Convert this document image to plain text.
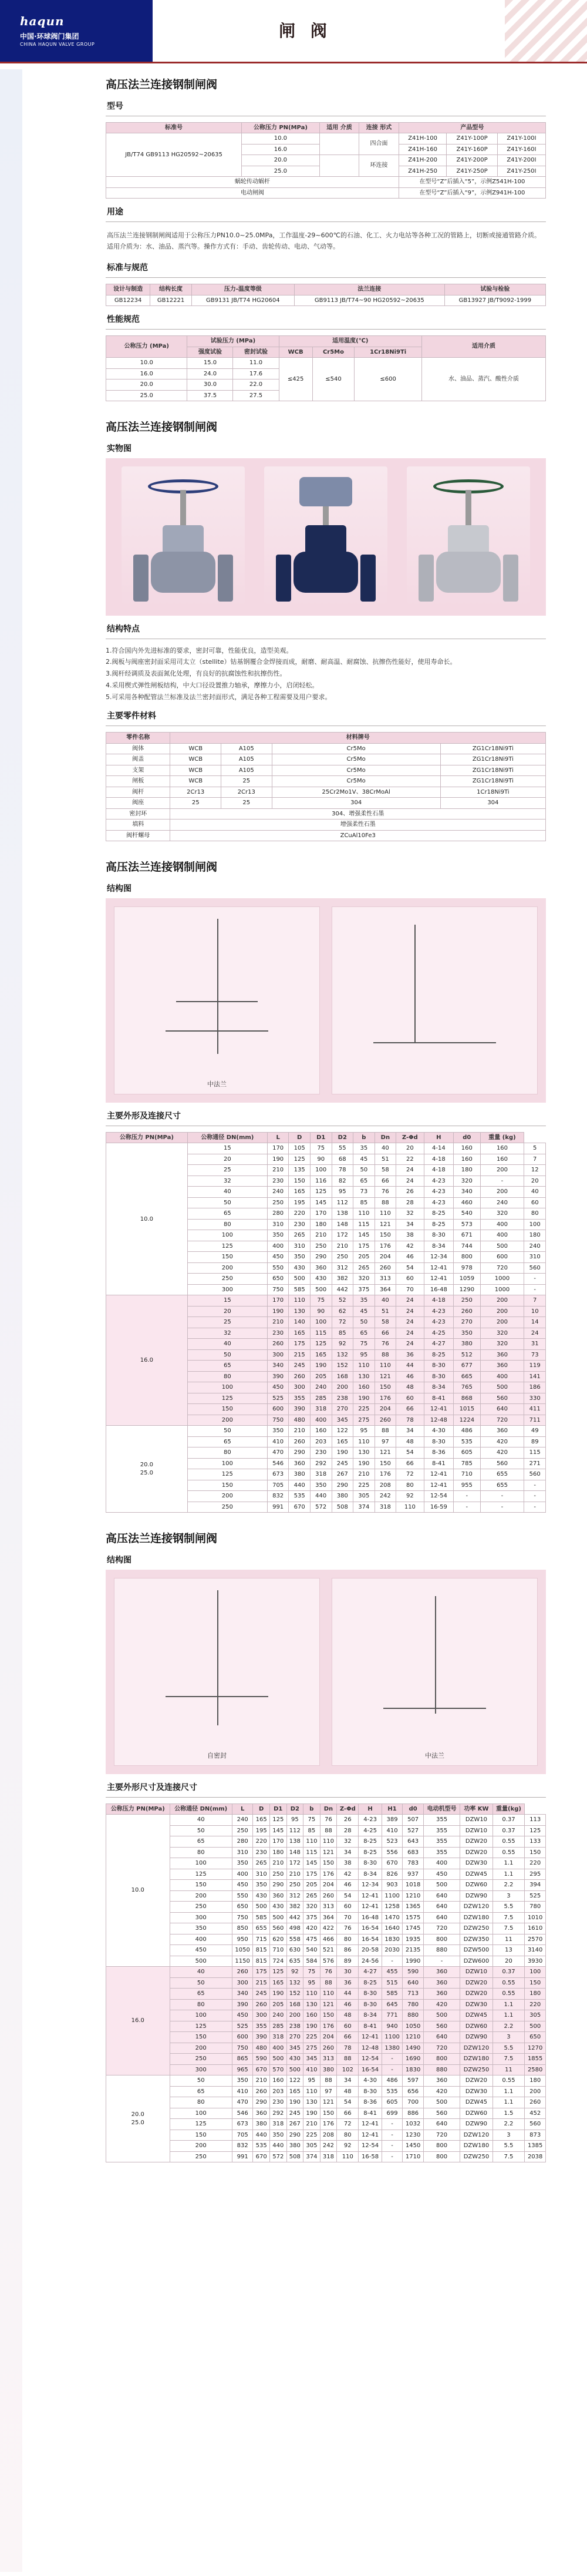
haqun
中国·环球阀门集团
CHINA HAQUN VALVE GROUP
闸 阀
高压法兰连接钢制闸阀
型号
标准号	公称压力 PN(MPa)	适用 介质	连接 形式	产品型号		
JB/T74 GB9113 HG20592~20635	10.0		四合面	Z41H-100	Z41Y-100P	Z41Y-100I
	16.0			Z41H-160	Z41Y-160P	Z41Y-160I
	20.0		环连接	Z41H-200	Z41Y-200P	Z41Y-200I
	25.0			Z41H-250	Z41Y-250P	Z41Y-250I
蜗轮传动蜗杆				在型号“Z”后插入“5”，示例Z541H-100		
电动闸阀				在型号“Z”后插入“9”，示例Z941H-100		
用途

高压法兰连接钢制闸阀适用于公称压力PN10.0~25.0MPa，工作温度-29~600℃的石油、化工、火力电站等各种工况的管路上，切断或接通管路介质。适用介质为：水、油品、蒸汽等。操作方式有：手动、齿轮传动、电动、气动等。

标准与规范
设计与制造	结构长度	压力-温度等级	法兰连接	试验与检验
GB12234	GB12221	GB9131 JB/T74 HG20604	GB9113 JB/T74~90 HG20592~20635	GB13927 JB/T9092-1999
性能规范
公称压力 (MPa)	试验压力 (MPa)		适用温度(℃)			适用介质
	强度试验	密封试验	WCB	Cr5Mo	1Cr18Ni9Ti	
10.0	15.0	11.0	≤425	≤540	≤600	水、油品、蒸汽、酸性介质
16.0	24.0	17.6				
20.0	30.0	22.0				
25.0	37.5	27.5				
高压法兰连接钢制闸阀
实物图
结构特点
1.符合国内外先进标准的要求，密封可靠，性能优良，造型美观。
2.阀板与阀座密封面采用司太立（stellite）钴基钢覆合金焊接而成，耐磨、耐高温、耐腐蚀、抗擦伤性能好，使用寿命长。
3.阀杆经调质及表面氮化处理，有良好的抗腐蚀性和抗擦伤性。
4.采用楔式弹性闸板结构，中大口径设置推力轴承，摩擦力小，启闭轻松。
5.可采用各种配管法兰标准及法兰密封面形式，满足各种工程需要及用户要求。
主要零件材料
零件名称	材料牌号			
阀体	WCB	A105	Cr5Mo	ZG1Cr18Ni9Ti
阀盖	WCB	A105	Cr5Mo	ZG1Cr18Ni9Ti
支架	WCB	A105	Cr5Mo	ZG1Cr18Ni9Ti
闸板	WCB	25	Cr5Mo	ZG1Cr18Ni9Ti
阀杆	2Cr13	2Cr13	25Cr2Mo1V、38CrMoAl	1Cr18Ni9Ti
阀座	25	25	304	304
密封环	304、增强柔性石墨			
填料	增强柔性石墨			
阀杆螺母	ZCuAl10Fe3			
高压法兰连接钢制闸阀
结构图
中法兰
主要外形及连接尺寸
公称压力 PN(MPa)	公称通径 DN(mm)	L	D	D1	D2	b	Dn	Z-Φd	H	d0	重量 (kg)	
10.0	15	170	105	75	55	35	40	20	4-14	160	160	5
	20	190	125	90	68	45	51	22	4-18	160	160	7
	25	210	135	100	78	50	58	24	4-18	180	200	12
	32	230	150	116	82	65	66	24	4-23	320	-	20
	40	240	165	125	95	73	76	26	4-23	340	200	40
	50	250	195	145	112	85	88	28	4-23	460	240	60
	65	280	220	170	138	110	110	32	8-25	540	320	80
	80	310	230	180	148	115	121	34	8-25	573	400	100
	100	350	265	210	172	145	150	38	8-30	671	400	180
	125	400	310	250	210	175	176	42	8-34	744	500	240
	150	450	350	290	250	205	204	46	12-34	800	600	310
	200	550	430	360	312	265	260	54	12-41	978	720	560
	250	650	500	430	382	320	313	60	12-41	1059	1000	-
	300	750	585	500	442	375	364	70	16-48	1290	1000	-
16.0	15	170	110	75	52	35	40	24	4-18	250	200	7
	20	190	130	90	62	45	51	24	4-23	260	200	10
	25	210	140	100	72	50	58	24	4-23	270	200	14
	32	230	165	115	85	65	66	24	4-25	350	320	24
	40	260	175	125	92	75	76	24	4-27	380	320	31
	50	300	215	165	132	95	88	36	8-25	512	360	73
	65	340	245	190	152	110	110	44	8-30	677	360	119
	80	390	260	205	168	130	121	46	8-30	665	400	141
	100	450	300	240	200	160	150	48	8-34	765	500	186
	125	525	355	285	238	190	176	60	8-41	868	560	330
	150	600	390	318	270	225	204	66	12-41	1015	640	411
	200	750	480	400	345	275	260	78	12-48	1224	720	711
20.0
25.0	50	350	210	160	122	95	88	34	4-30	486	360	49
	65	410	260	203	165	110	97	48	8-30	535	420	89
	80	470	290	230	190	130	121	54	8-36	605	420	115
	100	546	360	292	245	190	150	66	8-41	785	560	271
	125	673	380	318	267	210	176	72	12-41	710	655	560
	150	705	440	350	290	225	208	80	12-41	955	655	-
	200	832	535	440	380	305	242	92	12-54	-	-	-
	250	991	670	572	508	374	318	110	16-59	-	-	-
高压法兰连接钢制闸阀
结构图
自密封	中法兰
主要外形尺寸及连接尺寸
公称压力 PN(MPa)	公称通径 DN(mm)	L	D	D1	D2	b	Dn	Z-Φd	H	H1	d0	电动机型号	功率 KW	重量(kg)	
10.0	40	240	165	125	95	75	76	26	4-23	389	507	355	DZW10	0.37	113
	50	250	195	145	112	85	88	28	4-25	410	527	355	DZW10	0.37	125
	65	280	220	170	138	110	110	32	8-25	523	643	355	DZW20	0.55	133
	80	310	230	180	148	115	121	34	8-25	556	683	355	DZW20	0.55	150
	100	350	265	210	172	145	150	38	8-30	670	783	400	DZW30	1.1	220
	125	400	310	250	210	175	176	42	8-34	826	937	450	DZW45	1.1	295
	150	450	350	290	250	205	204	46	12-34	903	1018	500	DZW60	2.2	394
	200	550	430	360	312	265	260	54	12-41	1100	1210	640	DZW90	3	525
	250	650	500	430	382	320	313	60	12-41	1258	1365	640	DZW120	5.5	780
	300	750	585	500	442	375	364	70	16-48	1470	1575	640	DZW180	7.5	1010
	350	850	655	560	498	420	422	76	16-54	1640	1745	720	DZW250	7.5	1610
	400	950	715	620	558	475	466	80	16-54	1830	1935	800	DZW350	11	2570
	450	1050	815	710	630	540	521	86	20-58	2030	2135	880	DZW500	13	3140
	500	1150	815	724	635	584	576	89	24-56	-	1990	-	DZW600	20	3930
16.0	40	260	175	125	92	75	76	30	4-27	455	590	360	DZW10	0.37	100
	50	300	215	165	132	95	88	36	8-25	515	640	360	DZW20	0.55	150
	65	340	245	190	152	110	110	44	8-30	585	713	360	DZW20	0.55	180
	80	390	260	205	168	130	121	46	8-30	645	780	420	DZW30	1.1	220
	100	450	300	240	200	160	150	48	8-34	771	880	500	DZW45	1.1	305
	125	525	355	285	238	190	176	60	8-41	940	1050	560	DZW60	2.2	500
	150	600	390	318	270	225	204	66	12-41	1100	1210	640	DZW90	3	650
	200	750	480	400	345	275	260	78	12-48	1380	1490	720	DZW120	5.5	1270
	250	865	590	500	430	345	313	88	12-54	-	1690	800	DZW180	7.5	1855
	300	965	670	570	500	410	380	102	16-54	-	1830	880	DZW250	11	2580
20.0
25.0	50	350	210	160	122	95	88	34	4-30	486	597	360	DZW20	0.55	180
	65	410	260	203	165	110	97	48	8-30	535	656	420	DZW30	1.1	200
	80	470	290	230	190	130	121	54	8-36	605	700	500	DZW45	1.1	260
	100	546	360	292	245	190	150	66	8-41	699	886	560	DZW60	1.5	452
	125	673	380	318	267	210	176	72	12-41	-	1032	640	DZW90	2.2	560
	150	705	440	350	290	225	208	80	12-41	-	1230	720	DZW120	3	873
	200	832	535	440	380	305	242	92	12-54	-	1450	800	DZW180	5.5	1385
	250	991	670	572	508	374	318	110	16-58	-	1710	800	DZW250	7.5	2038
